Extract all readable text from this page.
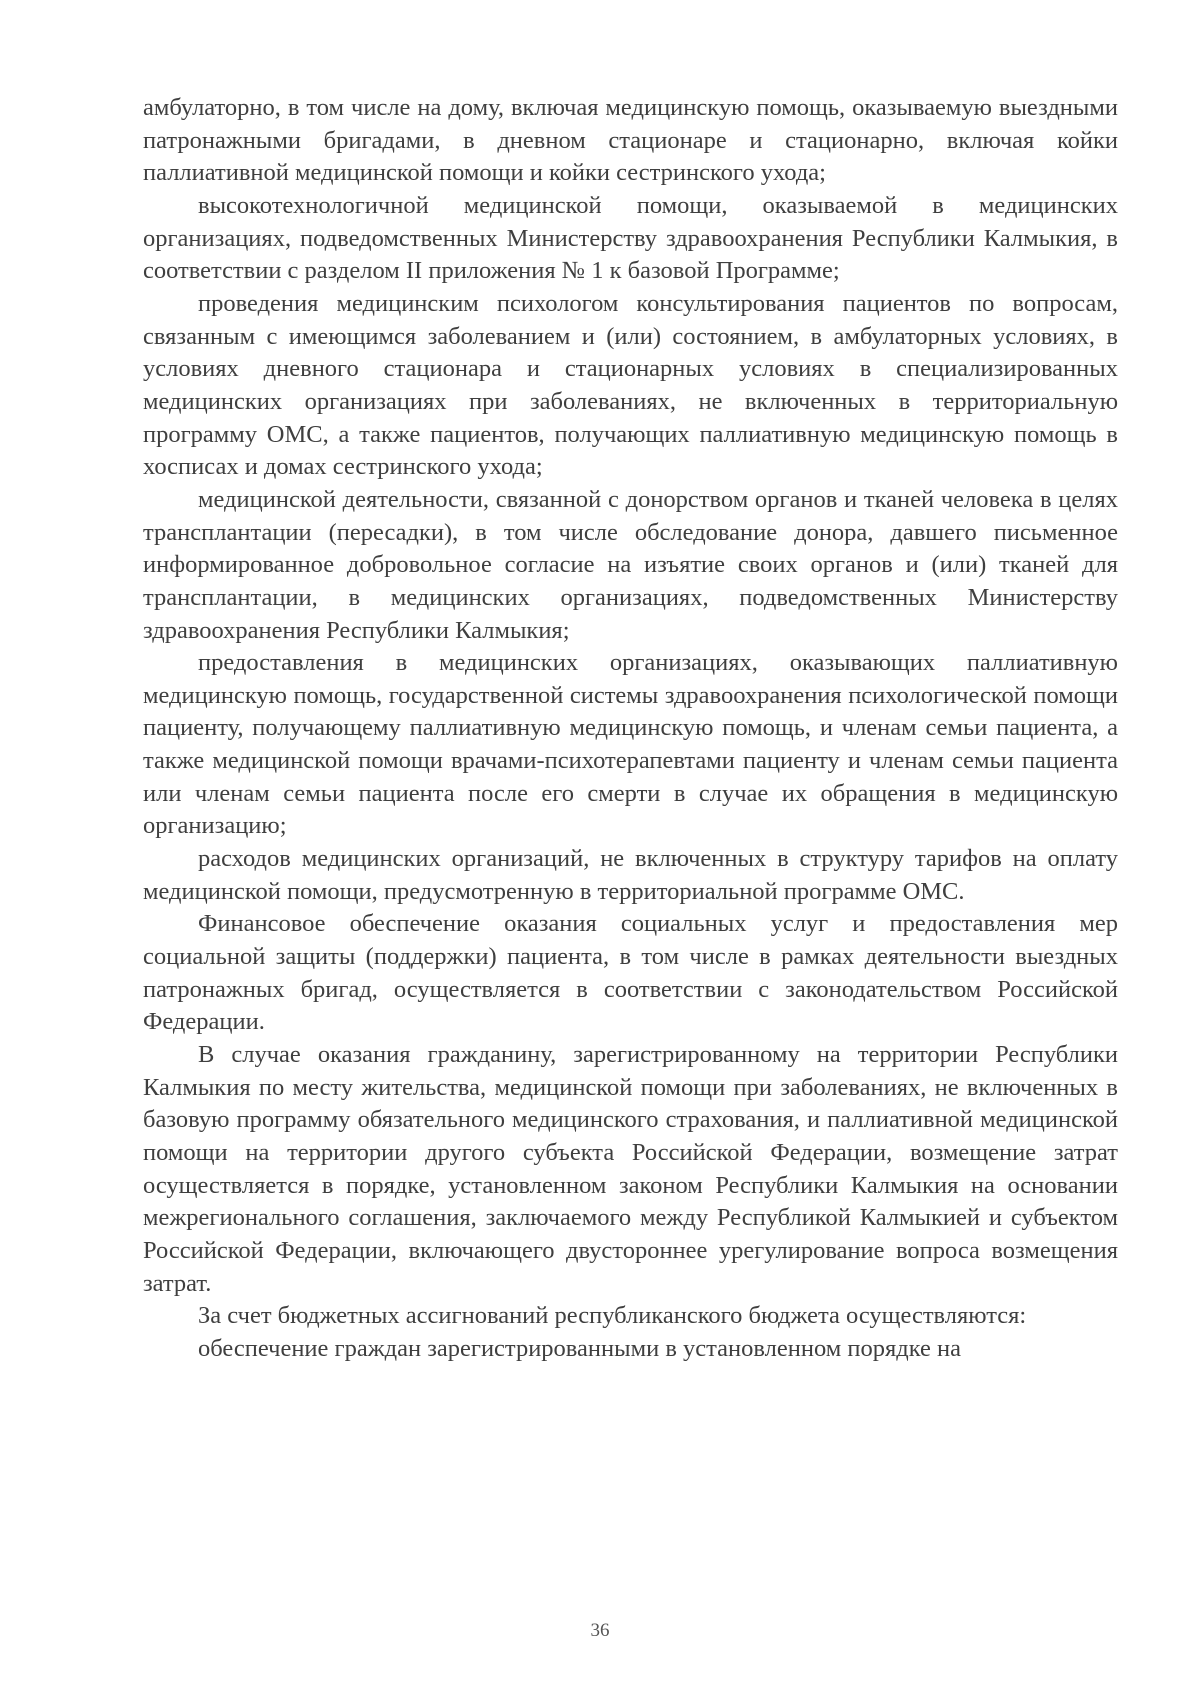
амбулаторно, в том числе на дому, включая медицинскую помощь, оказываемую выездными патронажными бригадами, в дневном стационаре и стационарно, включая койки паллиативной медицинской помощи и койки сестринского ухода;

высокотехнологичной медицинской помощи, оказываемой в медицинских организациях, подведомственных Министерству здравоохранения Республики Калмыкия, в соответствии с разделом II приложения № 1 к базовой Программе;

проведения медицинским психологом консультирования пациентов по вопросам, связанным с имеющимся заболеванием и (или) состоянием, в амбулаторных условиях, в условиях дневного стационара и стационарных условиях в специализированных медицинских организациях при заболеваниях, не включенных в территориальную программу ОМС, а также пациентов, получающих паллиативную медицинскую помощь в хосписах и домах сестринского ухода;

медицинской деятельности, связанной с донорством органов и тканей человека в целях трансплантации (пересадки), в том числе обследование донора, давшего письменное информированное добровольное согласие на изъятие своих органов и (или) тканей для трансплантации, в медицинских организациях, подведомственных Министерству здравоохранения Республики Калмыкия;

предоставления в медицинских организациях, оказывающих паллиативную медицинскую помощь, государственной системы здравоохранения психологической помощи пациенту, получающему паллиативную медицинскую помощь, и членам семьи пациента, а также медицинской помощи врачами-психотерапевтами пациенту и членам семьи пациента или членам семьи пациента после его смерти в случае их обращения в медицинскую организацию;

расходов медицинских организаций, не включенных в структуру тарифов на оплату медицинской помощи, предусмотренную в территориальной программе ОМС.

Финансовое обеспечение оказания социальных услуг и предоставления мер социальной защиты (поддержки) пациента, в том числе в рамках деятельности выездных патронажных бригад, осуществляется в соответствии с законодательством Российской Федерации.

В случае оказания гражданину, зарегистрированному на территории Республики Калмыкия по месту жительства, медицинской помощи при заболеваниях, не включенных в базовую программу обязательного медицинского страхования, и паллиативной медицинской помощи на территории другого субъекта Российской Федерации, возмещение затрат осуществляется в порядке, установленном законом Республики Калмыкия на основании межрегионального соглашения, заключаемого между Республикой Калмыкией и субъектом Российской Федерации, включающего двустороннее урегулирование вопроса возмещения затрат.

За счет бюджетных ассигнований республиканского бюджета осуществляются:

обеспечение граждан зарегистрированными в установленном порядке на

36
